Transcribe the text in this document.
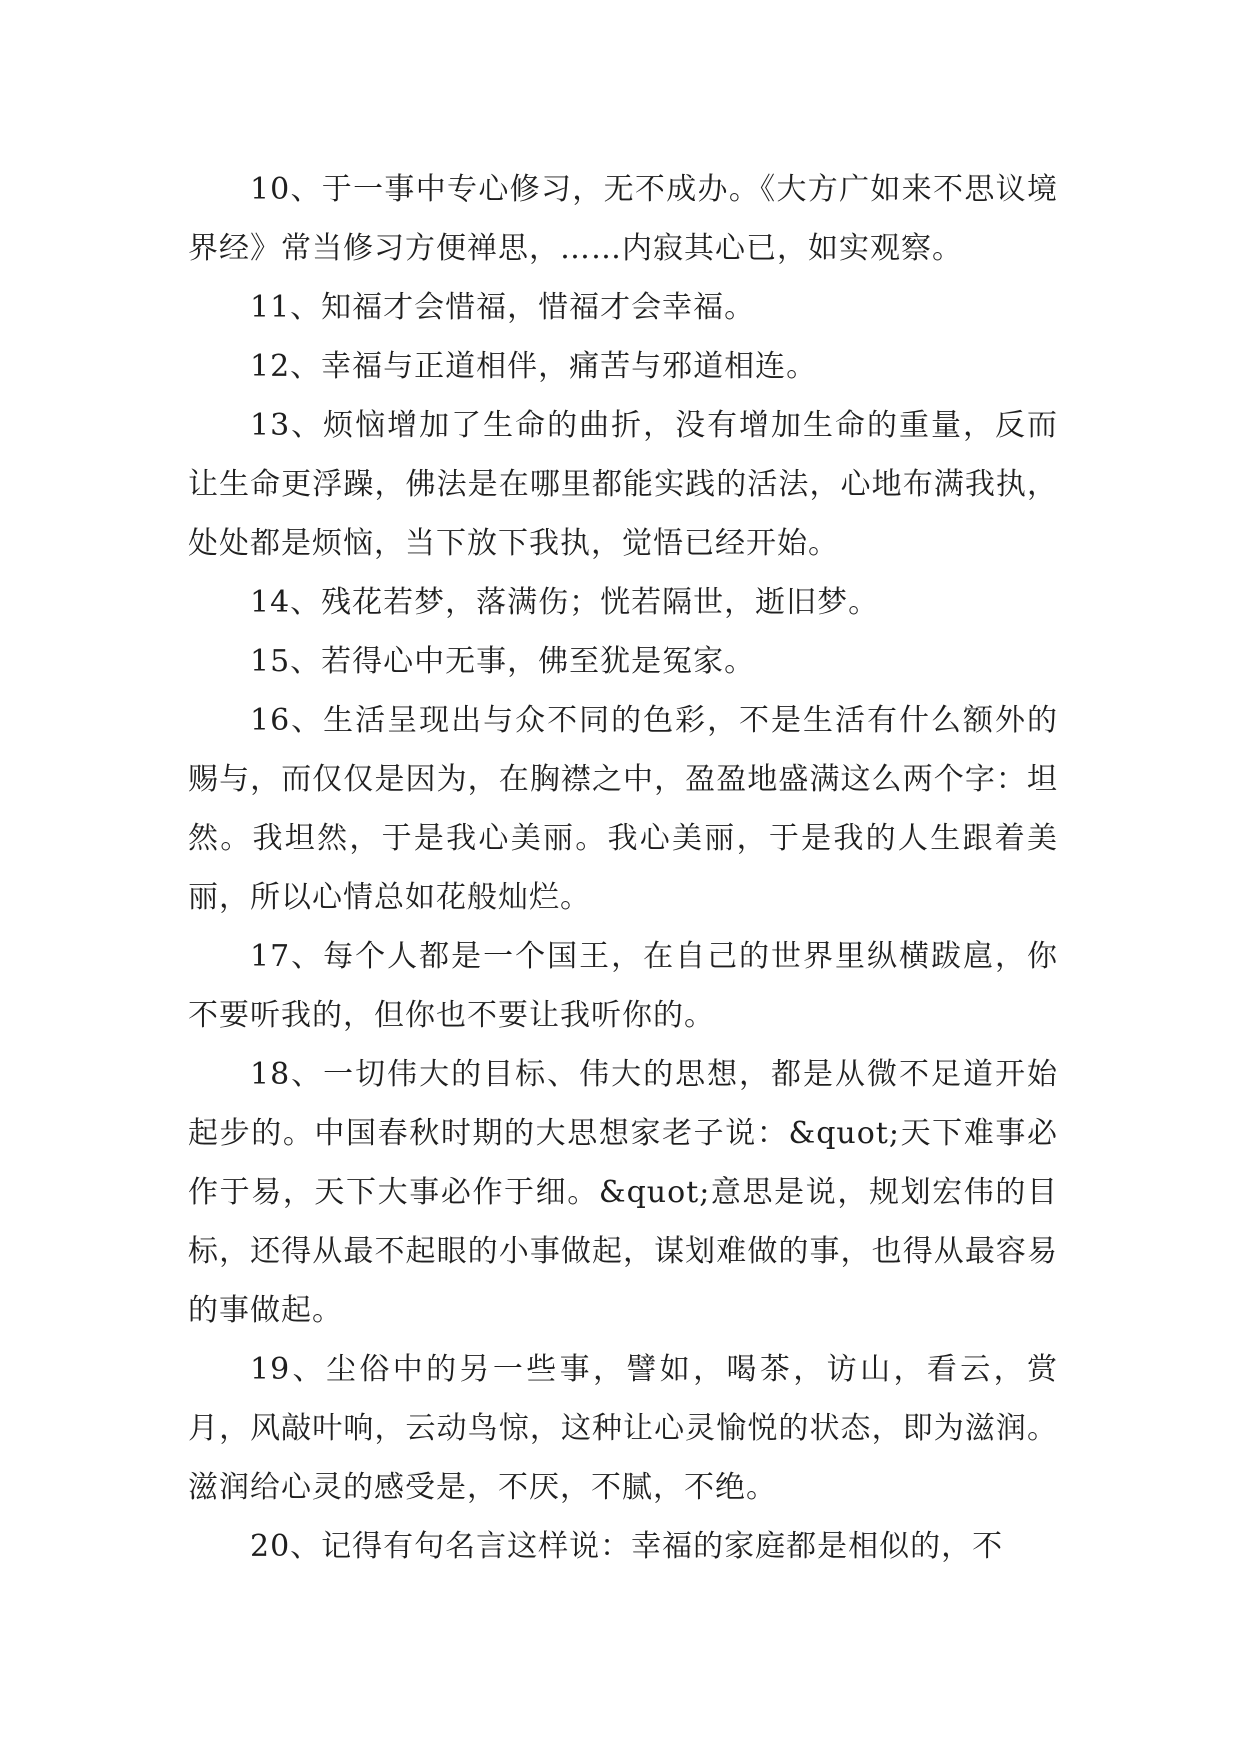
10、于一事中专心修习，无不成办。《大方广如来不思议境界经》常当修习方便禅思，……内寂其心已，如实观察。

11、知福才会惜福，惜福才会幸福。

12、幸福与正道相伴，痛苦与邪道相连。

13、烦恼增加了生命的曲折，没有增加生命的重量，反而让生命更浮躁，佛法是在哪里都能实践的活法，心地布满我执，处处都是烦恼，当下放下我执，觉悟已经开始。

14、残花若梦，落满伤；恍若隔世，逝旧梦。

15、若得心中无事，佛至犹是冤家。

16、生活呈现出与众不同的色彩，不是生活有什么额外的赐与，而仅仅是因为，在胸襟之中，盈盈地盛满这么两个字：坦然。我坦然，于是我心美丽。我心美丽，于是我的人生跟着美丽，所以心情总如花般灿烂。

17、每个人都是一个国王，在自己的世界里纵横跋扈，你不要听我的，但你也不要让我听你的。

18、一切伟大的目标、伟大的思想，都是从微不足道开始起步的。中国春秋时期的大思想家老子说：&quot;天下难事必作于易，天下大事必作于细。&quot;意思是说，规划宏伟的目标，还得从最不起眼的小事做起，谋划难做的事，也得从最容易的事做起。

19、尘俗中的另一些事，譬如，喝茶，访山，看云，赏月，风敲叶响，云动鸟惊，这种让心灵愉悦的状态，即为滋润。滋润给心灵的感受是，不厌，不腻，不绝。

20、记得有句名言这样说：幸福的家庭都是相似的，不
